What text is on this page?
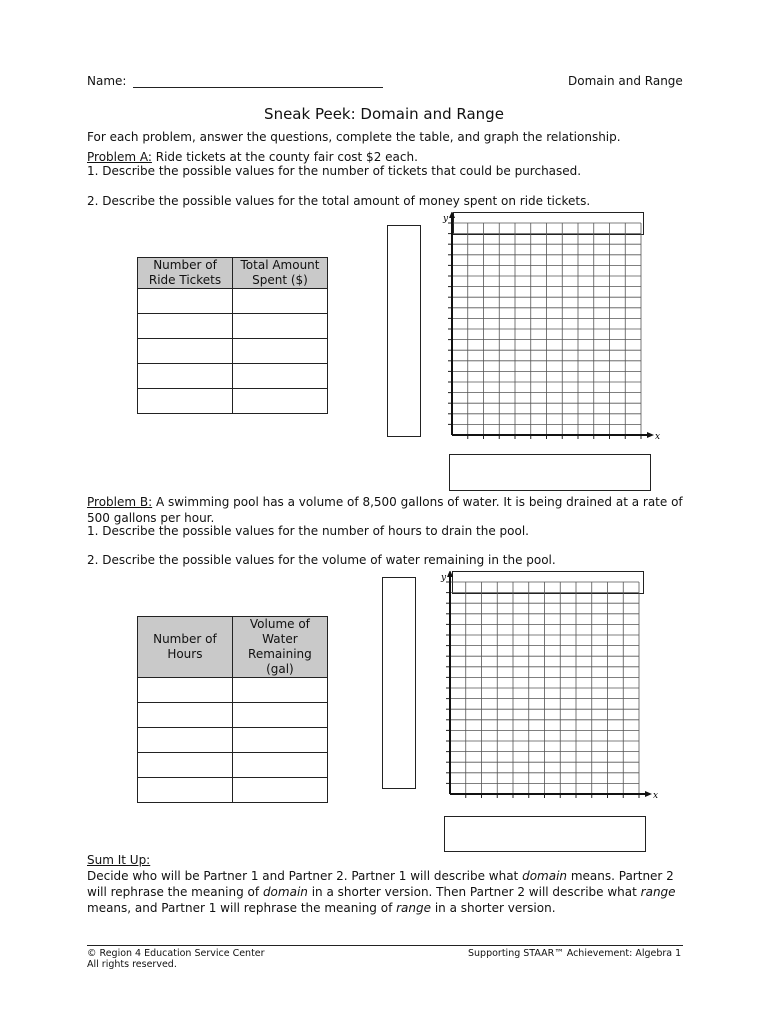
Name:	Domain and Range
Sneak Peek: Domain and Range
For each problem, answer the questions, complete the table, and graph the relationship.
Problem A: Ride tickets at the county fair cost $2 each.
1. Describe the possible values for the number of tickets that could be purchased.
2. Describe the possible values for the total amount of money spent on ride tickets.
Number of Ride Tickets	Total Amount Spent ($)

x
y
Problem B: A swimming pool has a volume of 8,500 gallons of water. It is being drained at a rate of 500 gallons per hour.
1. Describe the possible values for the number of hours to drain the pool.
2. Describe the possible values for the volume of water remaining in the pool.
Number of Hours	Volume of Water Remaining (gal)

x
y
Sum It Up:
Decide who will be Partner 1 and Partner 2. Partner 1 will describe what domain means. Partner 2 will rephrase the meaning of domain in a shorter version. Then Partner 2 will describe what range means, and Partner 1 will rephrase the meaning of range in a shorter version.
© Region 4 Education Service Center
All rights reserved.
Supporting STAAR™ Achievement: Algebra 1
